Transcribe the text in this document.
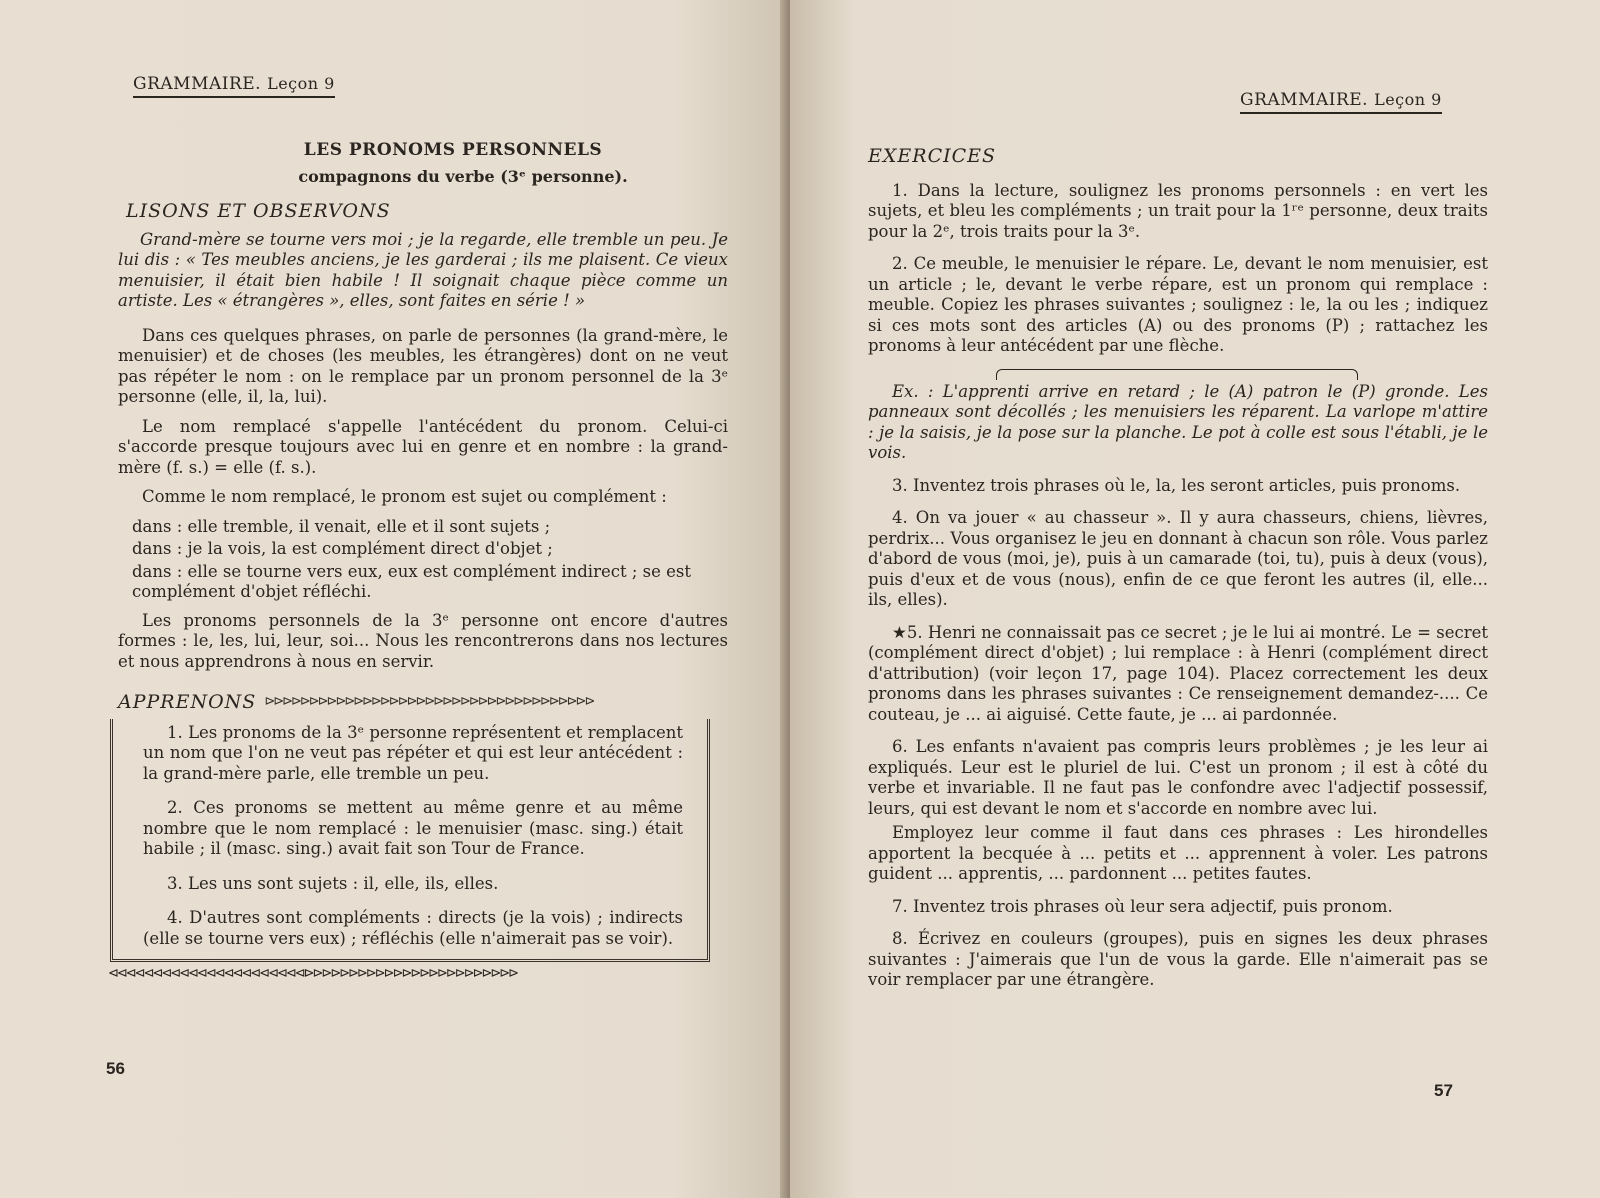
GRAMMAIRE. Leçon 9
LES PRONOMS PERSONNELS
compagnons du verbe (3ᵉ personne).
LISONS ET OBSERVONS

Grand-mère se tourne vers moi ; je la regarde, elle tremble un peu. Je lui dis : « Tes meubles anciens, je les garderai ; ils me plaisent. Ce vieux menuisier, il était bien habile ! Il soignait chaque pièce comme un artiste. Les « étrangères », elles, sont faites en série ! »

Dans ces quelques phrases, on parle de personnes (la grand-mère, le menuisier) et de choses (les meubles, les étrangères) dont on ne veut pas répéter le nom : on le remplace par un pronom personnel de la 3ᵉ personne (elle, il, la, lui).

Le nom remplacé s'appelle l'antécédent du pronom. Celui-ci s'accorde presque toujours avec lui en genre et en nombre : la grand-mère (f. s.) = elle (f. s.).

Comme le nom remplacé, le pronom est sujet ou complément :

dans : elle tremble, il venait, elle et il sont sujets ;
dans : je la vois, la est complément direct d'objet ;
dans : elle se tourne vers eux, eux est complément indirect ; se est complément d'objet réfléchi.

Les pronoms personnels de la 3ᵉ personne ont encore d'autres formes : le, les, lui, leur, soi... Nous les rencontrerons dans nos lectures et nous apprendrons à nous en servir.

APPRENONS ⊳⊳⊳⊳⊳⊳⊳⊳⊳⊳⊳⊳⊳⊳⊳⊳⊳⊳⊳⊳⊳⊳⊳⊳⊳⊳⊳⊳⊳⊳⊳⊳⊳⊳⊳⊳⊳

1. Les pronoms de la 3ᵉ personne représentent et remplacent un nom que l'on ne veut pas répéter et qui est leur antécédent : la grand-mère parle, elle tremble un peu.

2. Ces pronoms se mettent au même genre et au même nombre que le nom remplacé : le menuisier (masc. sing.) était habile ; il (masc. sing.) avait fait son Tour de France.

3. Les uns sont sujets : il, elle, ils, elles.

4. D'autres sont compléments : directs (je la vois) ; indirects (elle se tourne vers eux) ; réfléchis (elle n'aimerait pas se voir).

⊲⊲⊲⊲⊲⊲⊲⊲⊲⊲⊲⊲⊲⊲⊲⊲⊲⊲⊲⊲⊲⊲⊳⊳⊳⊳⊳⊳⊳⊳⊳⊳⊳⊳⊳⊳⊳⊳⊳⊳⊳⊳⊳⊳⊳⊳
56
GRAMMAIRE. Leçon 9
57
EXERCICES

1. Dans la lecture, soulignez les pronoms personnels : en vert les sujets, et bleu les compléments ; un trait pour la 1ʳᵉ personne, deux traits pour la 2ᵉ, trois traits pour la 3ᵉ.

2. Ce meuble, le menuisier le répare. Le, devant le nom menuisier, est un article ; le, devant le verbe répare, est un pronom qui remplace : meuble. Copiez les phrases suivantes ; soulignez : le, la ou les ; indiquez si ces mots sont des articles (A) ou des pronoms (P) ; rattachez les pronoms à leur antécédent par une flèche.

Ex. : L'apprenti arrive en retard ; le (A) patron le (P) gronde. Les panneaux sont décollés ; les menuisiers les réparent. La varlope m'attire : je la saisis, je la pose sur la planche. Le pot à colle est sous l'établi, je le vois.

3. Inventez trois phrases où le, la, les seront articles, puis pronoms.

4. On va jouer « au chasseur ». Il y aura chasseurs, chiens, lièvres, perdrix... Vous organisez le jeu en donnant à chacun son rôle. Vous parlez d'abord de vous (moi, je), puis à un camarade (toi, tu), puis à deux (vous), puis d'eux et de vous (nous), enfin de ce que feront les autres (il, elle... ils, elles).

★5. Henri ne connaissait pas ce secret ; je le lui ai montré. Le = secret (complément direct d'objet) ; lui remplace : à Henri (complément direct d'attribution) (voir leçon 17, page 104). Placez correctement les deux pronoms dans les phrases suivantes : Ce renseignement demandez-.... Ce couteau, je ... ai aiguisé. Cette faute, je ... ai pardonnée.

6. Les enfants n'avaient pas compris leurs problèmes ; je les leur ai expliqués. Leur est le pluriel de lui. C'est un pronom ; il est à côté du verbe et invariable. Il ne faut pas le confondre avec l'adjectif possessif, leurs, qui est devant le nom et s'accorde en nombre avec lui.

Employez leur comme il faut dans ces phrases : Les hirondelles apportent la becquée à ... petits et ... apprennent à voler. Les patrons guident ... apprentis, ... pardonnent ... petites fautes.

7. Inventez trois phrases où leur sera adjectif, puis pronom.

8. Écrivez en couleurs (groupes), puis en signes les deux phrases suivantes : J'aimerais que l'un de vous la garde. Elle n'aimerait pas se voir remplacer par une étrangère.
